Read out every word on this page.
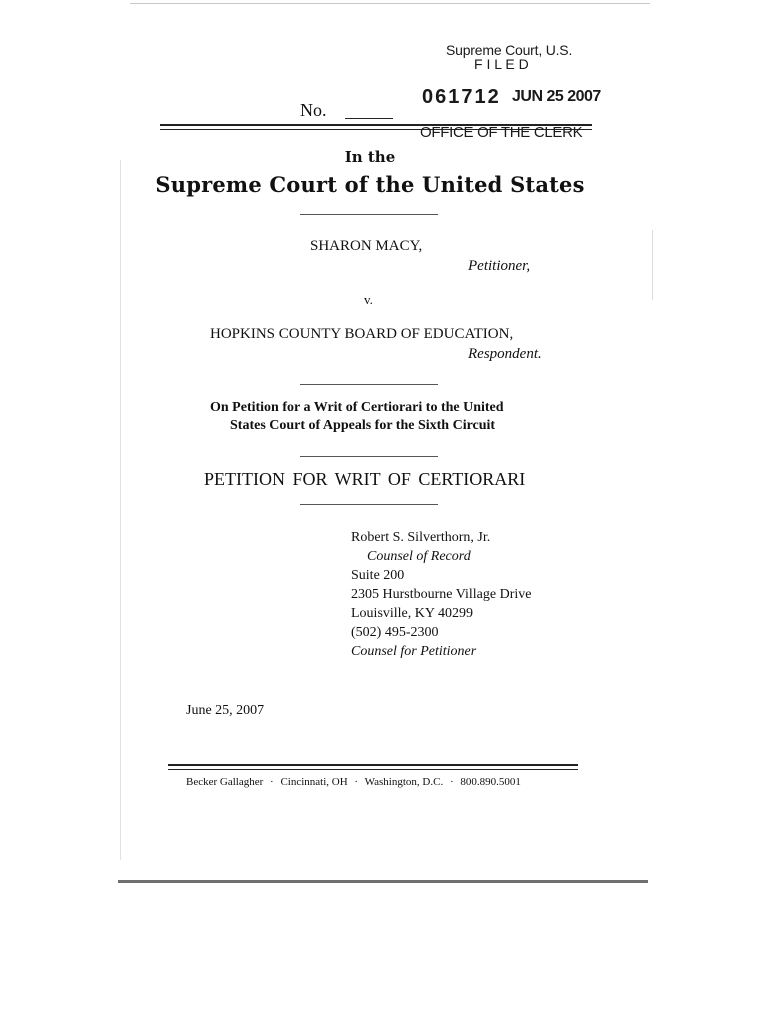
Supreme Court, U.S.
F I L E D
061712 JUN 25 2007
No.
OFFICE OF THE CLERK
In the
Supreme Court of the United States
SHARON MACY,
Petitioner,
v.
HOPKINS COUNTY BOARD OF EDUCATION,
Respondent.
On Petition for a Writ of Certiorari to the United
States Court of Appeals for the Sixth Circuit
PETITION FOR WRIT OF CERTIORARI
Robert S. Silverthorn, Jr.
Counsel of Record
Suite 200
2305 Hurstbourne Village Drive
Louisville, KY 40299
(502) 495-2300
Counsel for Petitioner
June 25, 2007
Becker Gallagher · Cincinnati, OH · Washington, D.C. · 800.890.5001
